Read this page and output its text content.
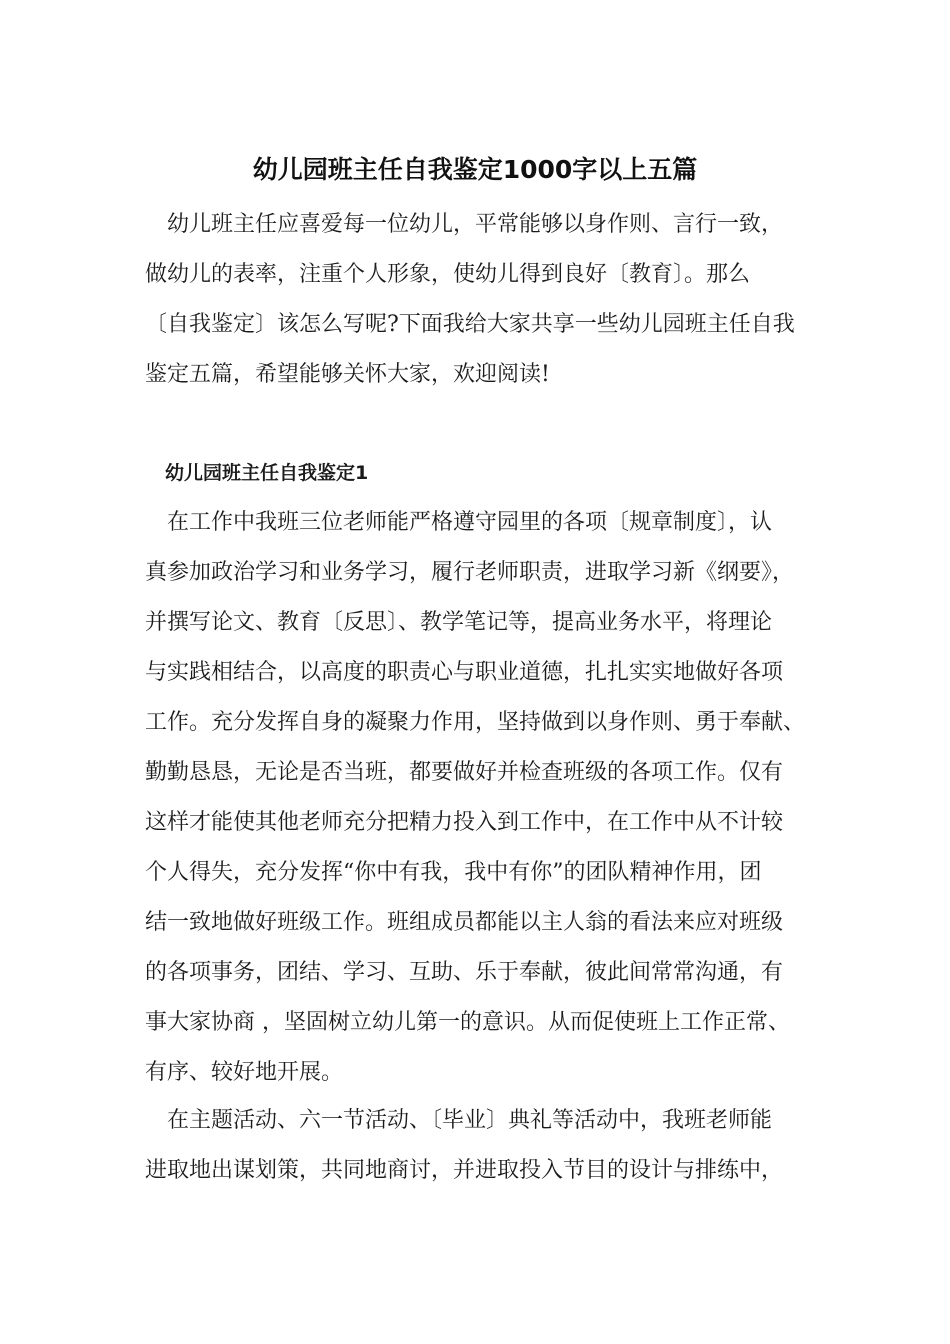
幼儿园班主任自我鉴定1000字以上五篇
幼儿班主任应喜爱每一位幼儿，平常能够以身作则、言行一致，
做幼儿的表率，注重个人形象，使幼儿得到良好〔教育〕。那么
〔自我鉴定〕该怎么写呢?下面我给大家共享一些幼儿园班主任自我
鉴定五篇，希望能够关怀大家，欢迎阅读!
幼儿园班主任自我鉴定1
在工作中我班三位老师能严格遵守园里的各项〔规章制度〕，认
真参加政治学习和业务学习，履行老师职责，进取学习新《纲要》，
并撰写论文、教育〔反思〕、教学笔记等，提高业务水平，将理论
与实践相结合，以高度的职责心与职业道德，扎扎实实地做好各项
工作。充分发挥自身的凝聚力作用，坚持做到以身作则、勇于奉献、
勤勤恳恳，无论是否当班，都要做好并检查班级的各项工作。仅有
这样才能使其他老师充分把精力投入到工作中，在工作中从不计较
个人得失，充分发挥“你中有我，我中有你”的团队精神作用，团
结一致地做好班级工作。班组成员都能以主人翁的看法来应对班级
的各项事务，团结、学习、互助、乐于奉献，彼此间常常沟通，有
事大家协商 ，坚固树立幼儿第一的意识。从而促使班上工作正常、
有序、较好地开展。
在主题活动、六一节活动、〔毕业〕典礼等活动中，我班老师能
进取地出谋划策，共同地商讨，并进取投入节目的设计与排练中，
